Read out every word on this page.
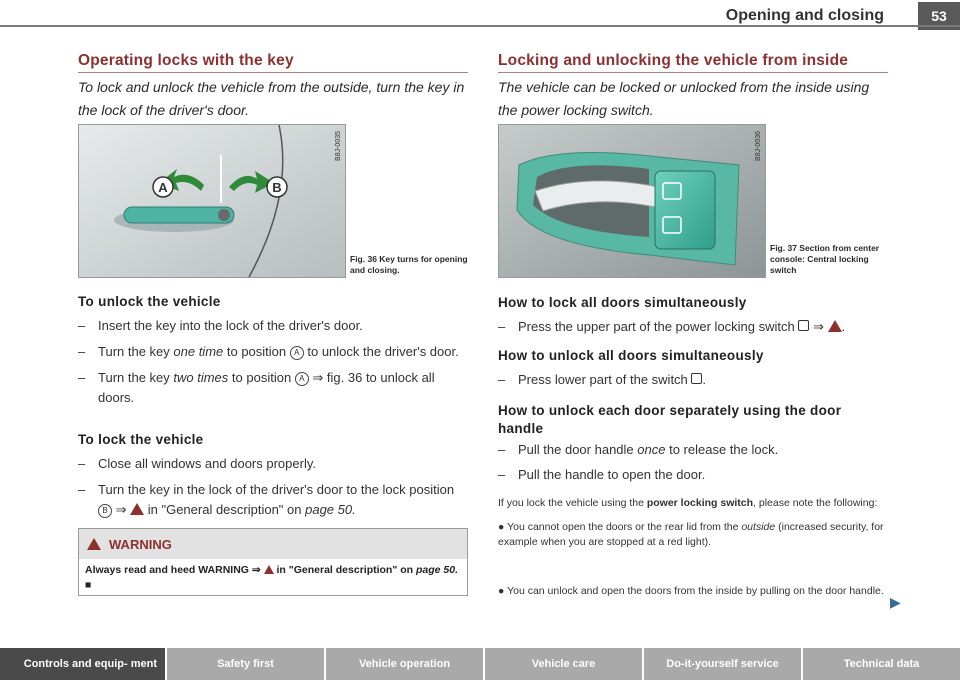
Opening and closing	53
Operating locks with the key
To lock and unlock the vehicle from the outside, turn the key in the lock of the driver's door.
A	B
B8J-0035
Fig. 36 Key turns for opening and closing.
To unlock the vehicle
– Insert the key into the lock of the driver's door.
– Turn the key one time to position A to unlock the driver's door.
– Turn the key two times to position A ⇒ fig. 36 to unlock all doors.
To lock the vehicle
– Close all windows and doors properly.
– Turn the key in the lock of the driver's door to the lock position B ⇒  in "General description" on page 50.
WARNING
Always read and heed WARNING ⇒  in "General description" on page 50. ■
Locking and unlocking the vehicle from inside
The vehicle can be locked or unlocked from the inside using the power locking switch.
B8J-0036
Fig. 37 Section from center console: Central locking switch
How to lock all doors simultaneously
– Press the upper part of the power locking switch  ⇒ .
How to unlock all doors simultaneously
– Press lower part of the switch .
How to unlock each door separately using the door handle
– Pull the door handle once to release the lock.
– Pull the handle to open the door.
If you lock the vehicle using the power locking switch, please note the following:
● You cannot open the doors or the rear lid from the outside (increased security, for example when you are stopped at a red light).
● You can unlock and open the doors from the inside by pulling on the door handle.
▶
Controls and equip- ment	Safety first	Vehicle operation	Vehicle care	Do-it-yourself service	Technical data
